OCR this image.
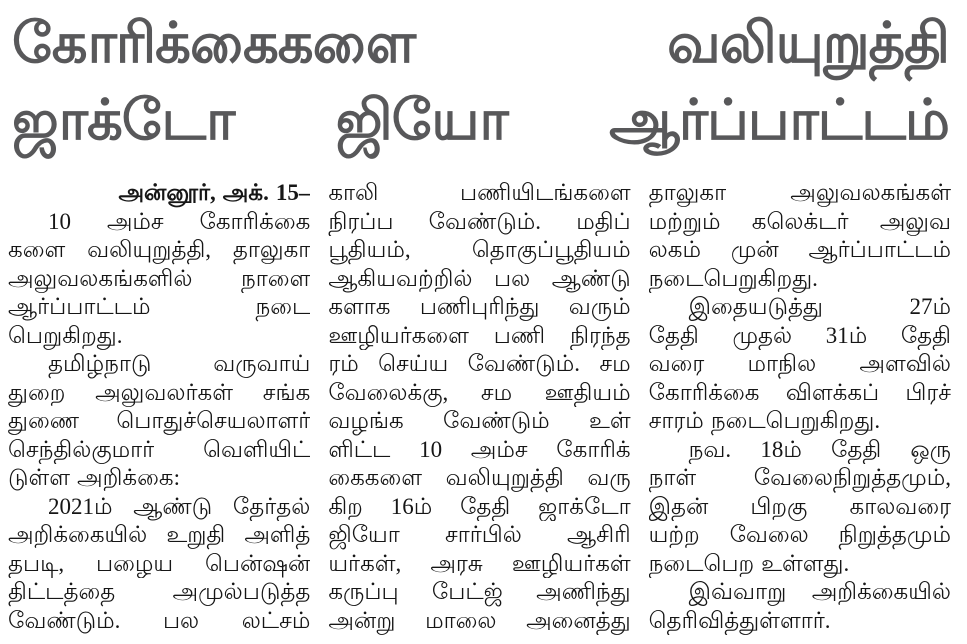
கோரிக்கைகளை	வலியுறுத்தி
ஜாக்டோ ஜியோ ஆர்ப்பாட்டம்
அன்னூர், அக். 15–
10 அம்ச கோரிக்கை
களை வலியுறுத்தி, தாலுகா
அலுவலகங்களில் நாளை
ஆர்ப்பாட்டம்	நடை
பெறுகிறது.
தமிழ்நாடு	வருவாய்
துறை அலுவலர்கள் சங்க
துணை பொதுச்செயலாளர்
செந்தில்குமார் வெளியிட்
டுள்ள அறிக்கை:
2021ம் ஆண்டு தேர்தல்
அறிக்கையில் உறுதி அளித்
தபடி, பழைய பென்ஷன்
திட்டத்தை அமுல்படுத்த
வேண்டும். பல லட்சம்
காலி	பணியிடங்களை
நிரப்ப வேண்டும். மதிப்
பூதியம்,	தொகுப்பூதியம்
ஆகியவற்றில் பல ஆண்டு
களாக பணிபுரிந்து வரும்
ஊழியர்களை பணி நிரந்த
ரம் செய்ய வேண்டும். சம
வேலைக்கு, சம ஊதியம்
வழங்க வேண்டும் உள்
ளிட்ட 10 அம்ச கோரிக்
கைகளை வலியுறுத்தி வரு
கிற 16ம் தேதி ஜாக்டோ
ஜியோ சார்பில் ஆசிரி
யர்கள், அரசு ஊழியர்கள்
கருப்பு பேட்ஜ் அணிந்து
அன்று மாலை அனைத்து
தாலுகா	அலுவலகங்கள்
மற்றும் கலெக்டர் அலுவ
லகம் முன் ஆர்ப்பாட்டம்
நடைபெறுகிறது.
இதையடுத்து	27ம்
தேதி முதல் 31ம் தேதி
வரை மாநில அளவில்
கோரிக்கை விளக்கப் பிரச்
சாரம் நடைபெறுகிறது.
நவ. 18ம் தேதி ஒரு
நாள்	வேலைநிறுத்தமும்,
இதன் பிறகு காலவரை
யற்ற வேலை நிறுத்தமும்
நடைபெற உள்ளது.
இவ்வாறு அறிக்கையில்
தெரிவித்துள்ளார்.
